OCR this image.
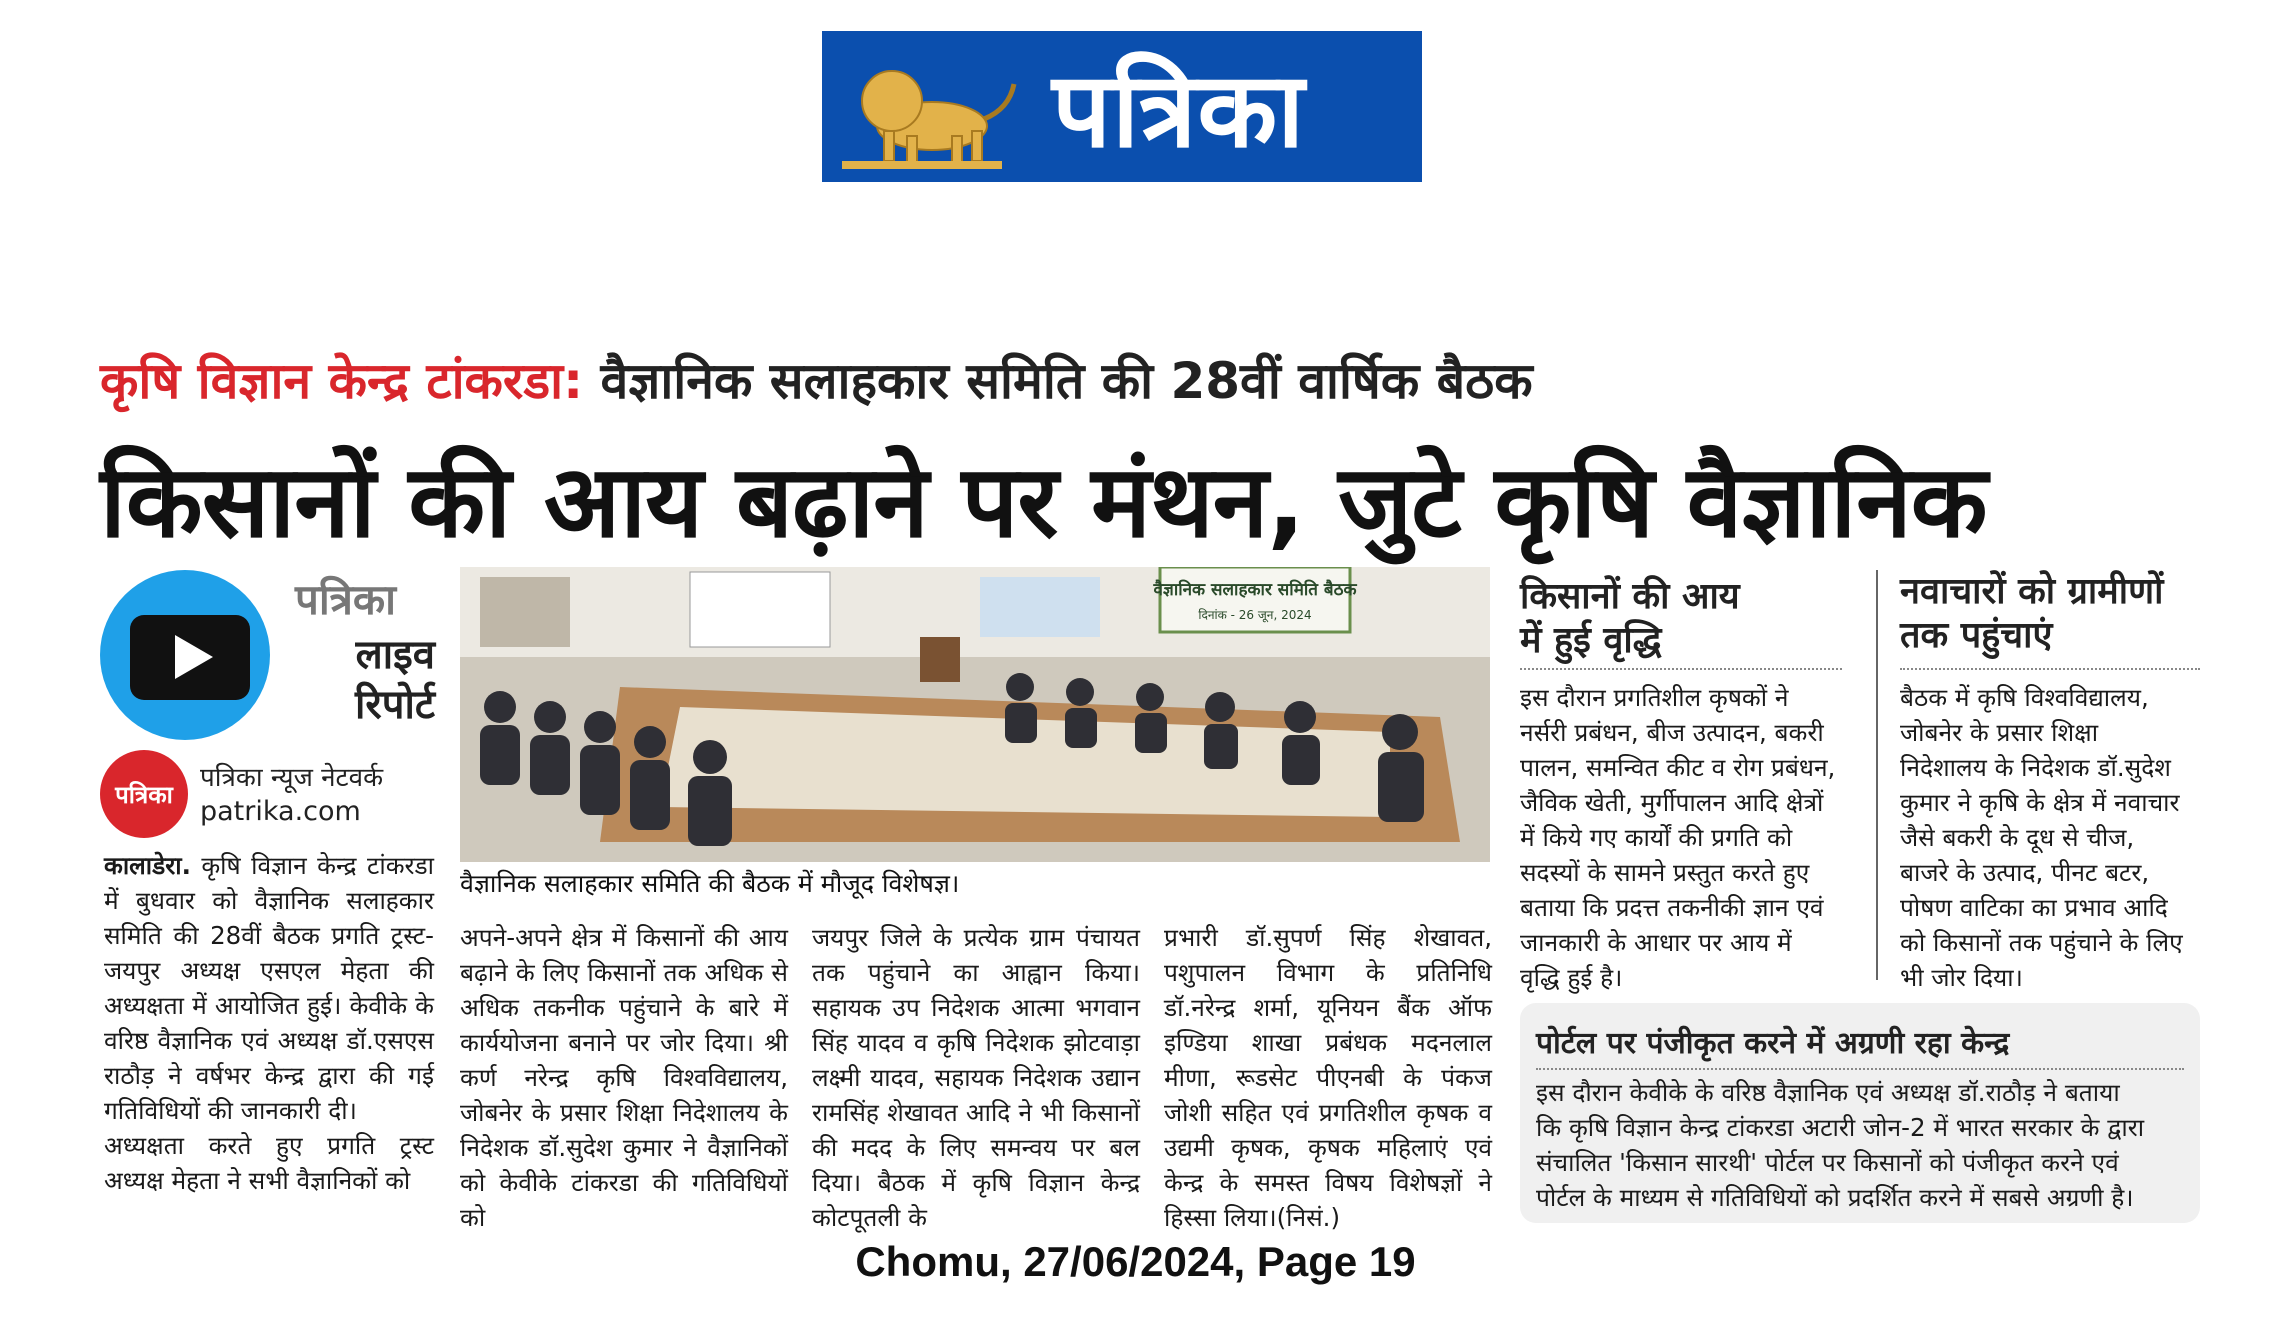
पत्रिका
कृषि विज्ञान केन्द्र टांकरडा: वैज्ञानिक सलाहकार समिति की 28वीं वार्षिक बैठक
किसानों की आय बढ़ाने पर मंथन, जुटे कृषि वैज्ञानिक
पत्रिका
लाइव
रिपोर्ट
पत्रिका
पत्रिका न्यूज नेटवर्क
patrika.com
वैज्ञानिक सलाहकार समिति बैठक
दिनांक - 26 जून, 2024
वैज्ञानिक सलाहकार समिति की बैठक में मौजूद विशेषज्ञ।
कालाडेरा. कृषि विज्ञान केन्द्र टांकरडा में बुधवार को वैज्ञानिक सलाहकार समिति की 28वीं बैठक प्रगति ट्रस्ट-जयपुर अध्यक्ष एसएल मेहता की अध्यक्षता में आयोजित हुई। केवीके के वरिष्ठ वैज्ञानिक एवं अध्यक्ष डॉ.एसएस राठौड़ ने वर्षभर केन्द्र द्वारा की गई गतिविधियों की जानकारी दी।
अध्यक्षता करते हुए प्रगति ट्रस्ट अध्यक्ष मेहता ने सभी वैज्ञानिकों को
अपने-अपने क्षेत्र में किसानों की आय बढ़ाने के लिए किसानों तक अधिक से अधिक तकनीक पहुंचाने के बारे में कार्ययोजना बनाने पर जोर दिया। श्री कर्ण नरेन्द्र कृषि विश्वविद्यालय, जोबनेर के प्रसार शिक्षा निदेशालय के निदेशक डॉ.सुदेश कुमार ने वैज्ञानिकों को केवीके टांकरडा की गतिविधियों को
जयपुर जिले के प्रत्येक ग्राम पंचायत तक पहुंचाने का आह्वान किया। सहायक उप निदेशक आत्मा भगवान सिंह यादव व कृषि निदेशक झोटवाड़ा लक्ष्मी यादव, सहायक निदेशक उद्यान रामसिंह शेखावत आदि ने भी किसानों की मदद के लिए समन्वय पर बल दिया। बैठक में कृषि विज्ञान केन्द्र कोटपूतली के
प्रभारी डॉ.सुपर्ण सिंह शेखावत, पशुपालन विभाग के प्रतिनिधि डॉ.नरेन्द्र शर्मा, यूनियन बैंक ऑफ इण्डिया शाखा प्रबंधक मदनलाल मीणा, रूडसेट पीएनबी के पंकज जोशी सहित एवं प्रगतिशील कृषक व उद्यमी कृषक, कृषक महिलाएं एवं केन्द्र के समस्त विषय विशेषज्ञों ने हिस्सा लिया।(निसं.)
किसानों की आय
में हुई वृद्धि
इस दौरान प्रगतिशील कृषकों ने
नर्सरी प्रबंधन, बीज उत्पादन, बकरी
पालन, समन्वित कीट व रोग प्रबंधन,
जैविक खेती, मुर्गीपालन आदि क्षेत्रों
में किये गए कार्यों की प्रगति को
सदस्यों के सामने प्रस्तुत करते हुए
बताया कि प्रदत्त तकनीकी ज्ञान एवं
जानकारी के आधार पर आय में
वृद्धि हुई है।
नवाचारों को ग्रामीणों
तक पहुंचाएं
बैठक में कृषि विश्वविद्यालय,
जोबनेर के प्रसार शिक्षा
निदेशालय के निदेशक डॉ.सुदेश
कुमार ने कृषि के क्षेत्र में नवाचार
जैसे बकरी के दूध से चीज,
बाजरे के उत्पाद, पीनट बटर,
पोषण वाटिका का प्रभाव आदि
को किसानों तक पहुंचाने के लिए
भी जोर दिया।
पोर्टल पर पंजीकृत करने में अग्रणी रहा केन्द्र
इस दौरान केवीके के वरिष्ठ वैज्ञानिक एवं अध्यक्ष डॉ.राठौड़ ने बताया
कि कृषि विज्ञान केन्द्र टांकरडा अटारी जोन-2 में भारत सरकार के द्वारा
संचालित 'किसान सारथी' पोर्टल पर किसानों को पंजीकृत करने एवं
पोर्टल के माध्यम से गतिविधियों को प्रदर्शित करने में सबसे अग्रणी है।
Chomu, 27/06/2024, Page 19
